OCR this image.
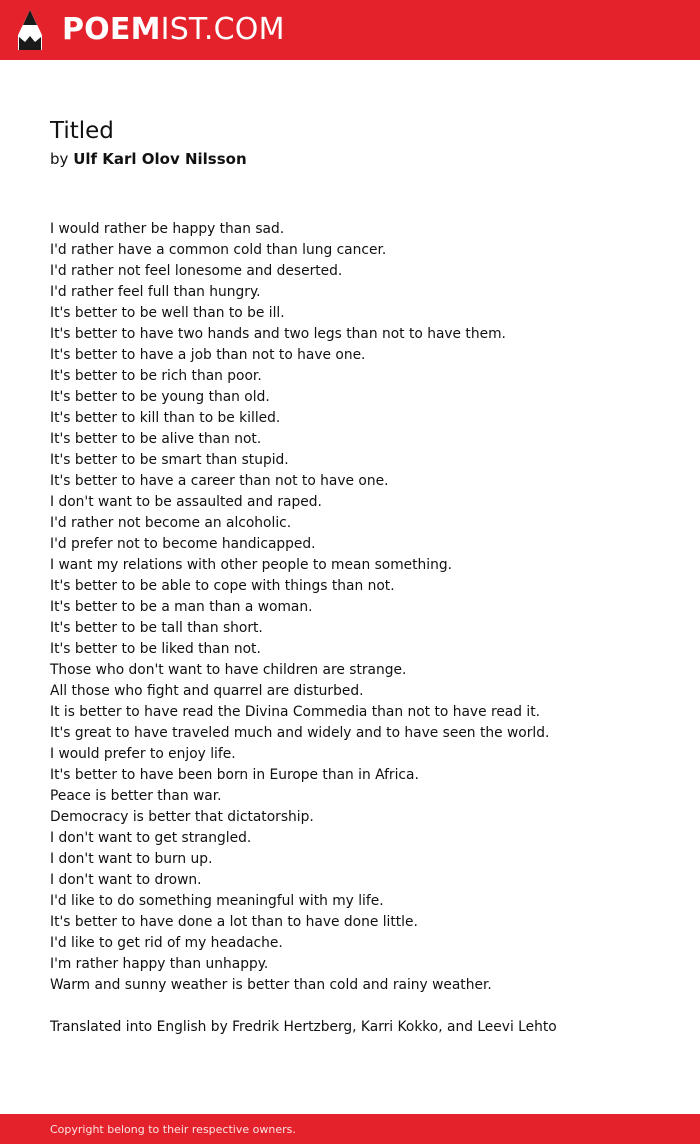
POEMIST.COM
Titled
by Ulf Karl Olov Nilsson
I would rather be happy than sad.
I'd rather have a common cold than lung cancer.
I'd rather not feel lonesome and deserted.
I'd rather feel full than hungry.
It's better to be well than to be ill.
It's better to have two hands and two legs than not to have them.
It's better to have a job than not to have one.
It's better to be rich than poor.
It's better to be young than old.
It's better to kill than to be killed.
It's better to be alive than not.
It's better to be smart than stupid.
It's better to have a career than not to have one.
I don't want to be assaulted and raped.
I'd rather not become an alcoholic.
I'd prefer not to become handicapped.
I want my relations with other people to mean something.
It's better to be able to cope with things than not.
It's better to be a man than a woman.
It's better to be tall than short.
It's better to be liked than not.
Those who don't want to have children are strange.
All those who fight and quarrel are disturbed.
It is better to have read the Divina Commedia than not to have read it.
It's great to have traveled much and widely and to have seen the world.
I would prefer to enjoy life.
It's better to have been born in Europe than in Africa.
Peace is better than war.
Democracy is better that dictatorship.
I don't want to get strangled.
I don't want to burn up.
I don't want to drown.
I'd like to do something meaningful with my life.
It's better to have done a lot than to have done little.
I'd like to get rid of my headache.
I'm rather happy than unhappy.
Warm and sunny weather is better than cold and rainy weather.
Translated into English by Fredrik Hertzberg, Karri Kokko, and Leevi Lehto
Copyright belong to their respective owners.
